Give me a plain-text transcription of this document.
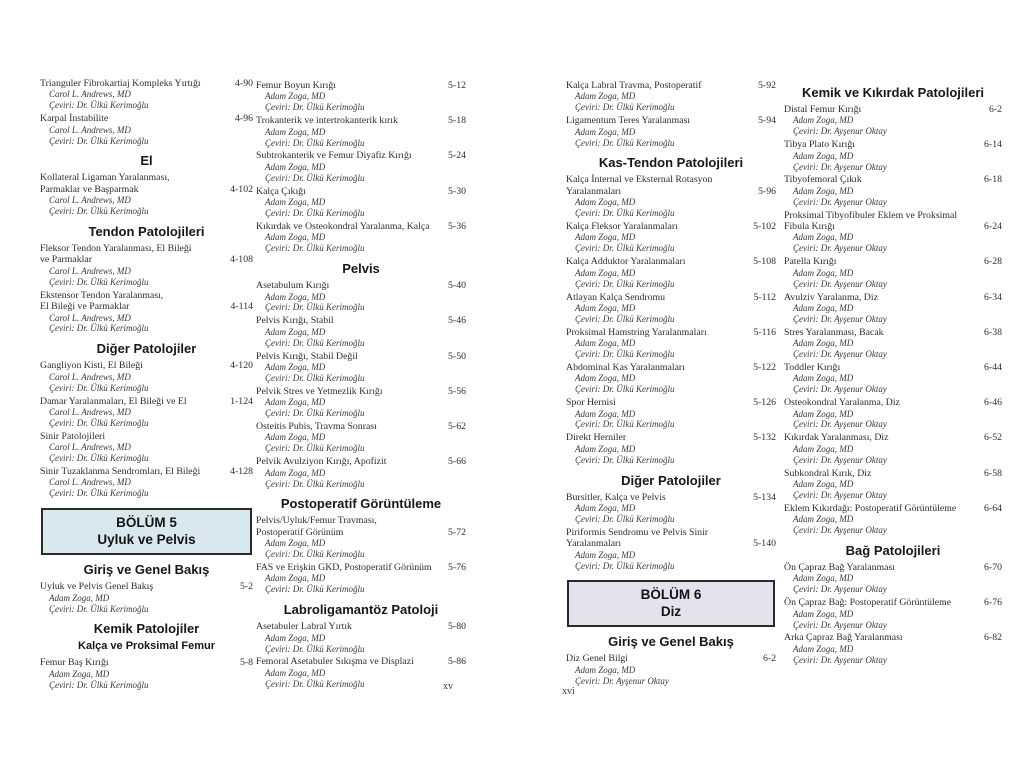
Trianguler Fibrokartiaj Kompleks Yırtığı	4-90
Carol L. Andrews, MD
Çeviri: Dr. Ülkü Kerimoğlu
Karpal İnstabilite	4-96
Carol L. Andrews, MD
Çeviri: Dr. Ülkü Kerimoğlu
El
Kollateral Ligaman Yaralanması,
Parmaklar ve Başparmak	4-102
Carol L. Andrews, MD
Çeviri: Dr. Ülkü Kerimoğlu
Tendon Patolojileri
Fleksor Tendon Yaralanması, El Bileği
ve Parmaklar	4-108
Carol L. Andrews, MD
Çeviri: Dr. Ülkü Kerimoğlu
Ekstensor Tendon Yaralanması,
El Bileği ve Parmaklar	4-114
Carol L. Andrews, MD
Çeviri: Dr. Ülkü Kerimoğlu
Diğer Patolojiler
Gangliyon Kisti, El Bileği	4-120
Carol L. Andrews, MD
Çeviri: Dr. Ülkü Kerimoğlu
Damar Yaralanmaları, El Bileği ve El	1-124
Carol L. Andrews, MD
Çeviri: Dr. Ülkü Kerimoğlu
Sinir Patolojileri
Carol L. Andrews, MD
Çeviri: Dr. Ülkü Kerimoğlu
Sinir Tuzaklanma Sendromları, El Bileği	4-128
Carol L. Andrews, MD
Çeviri: Dr. Ülkü Kerimoğlu
BÖLÜM 5
Uyluk ve Pelvis
Giriş ve Genel Bakış
Uyluk ve Pelvis Genel Bakış	5-2
Adam Zoga, MD
Çeviri: Dr. Ülkü Kerimoğlu
Kemik Patolojiler
Kalça ve Proksimal Femur
Femur Baş Kırığı	5-8
Adam Zoga, MD
Çeviri: Dr. Ülkü Kerimoğlu
Femur Boyun Kırığı	5-12
Adam Zoga, MD
Çeviri: Dr. Ülkü Kerimoğlu
Trokanterik ve intertrokanterik kırık	5-18
Adam Zoga, MD
Çeviri: Dr. Ülkü Kerimoğlu
Subtrokanterik ve Femur Diyafiz Kırığı	5-24
Adam Zoga, MD
Çeviri: Dr. Ülkü Kerimoğlu
Kalça Çıkığı	5-30
Adam Zoga, MD
Çeviri: Dr. Ülkü Kerimoğlu
Kıkırdak ve Osteokondral Yaralanma, Kalça	5-36
Adam Zoga, MD
Çeviri: Dr. Ülkü Kerimoğlu
Pelvis
Asetabulum Kırığı	5-40
Adam Zoga, MD
Çeviri: Dr. Ülkü Kerimoğlu
Pelvis Kırığı, Stabil	5-46
Adam Zoga, MD
Çeviri: Dr. Ülkü Kerimoğlu
Pelvis Kırığı, Stabil Değil	5-50
Adam Zoga, MD
Çeviri: Dr. Ülkü Kerimoğlu
Pelvik Stres ve Yetmezlik Kırığı	5-56
Adam Zoga, MD
Çeviri: Dr. Ülkü Kerimoğlu
Osteitis Pubis, Travma Sonrası	5-62
Adam Zoga, MD
Çeviri: Dr. Ülkü Kerimoğlu
Pelvik Avulziyon Kırığı, Apofizit	5-66
Adam Zoga, MD
Çeviri: Dr. Ülkü Kerimoğlu
Postoperatif Görüntüleme
Pelvis/Uyluk/Femur Travması,
Postoperatif Görünüm	5-72
Adam Zoga, MD
Çeviri: Dr. Ülkü Kerimoğlu
FAS ve Erişkin GKD, Postoperatif Görünüm	5-76
Adam Zoga, MD
Çeviri: Dr. Ülkü Kerimoğlu
Labroligamantöz Patoloji
Asetabuler Labral Yırtık	5-80
Adam Zoga, MD
Çeviri: Dr. Ülkü Kerimoğlu
Femoral Asetabuler Sıkışma ve Displazi	5-86
Adam Zoga, MD
Çeviri: Dr. Ülkü Kerimoğlu
Kalça Labral Travma, Postoperatif	5-92
Adam Zoga, MD
Çeviri: Dr. Ülkü Kerimoğlu
Ligamentum Teres Yaralanması	5-94
Adam Zoga, MD
Çeviri: Dr. Ülkü Kerimoğlu
Kas-Tendon Patolojileri
Kalça İnternal ve Eksternal Rotasyon
Yaralanmaları	5-96
Adam Zoga, MD
Çeviri: Dr. Ülkü Kerimoğlu
Kalça Fleksor Yaralanmaları	5-102
Adam Zoga, MD
Çeviri: Dr. Ülkü Kerimoğlu
Kalça Adduktor Yaralanmaları	5-108
Adam Zoga, MD
Çeviri: Dr. Ülkü Kerimoğlu
Atlayan Kalça Sendromu	5-112
Adam Zoga, MD
Çeviri: Dr. Ülkü Kerimoğlu
Proksimal Hamstring Yaralanmaları	5-116
Adam Zoga, MD
Çeviri: Dr. Ülkü Kerimoğlu
Abdominal Kas Yaralanmaları	5-122
Adam Zoga, MD
Çeviri: Dr. Ülkü Kerimoğlu
Spor Hernisi	5-126
Adam Zoga, MD
Çeviri: Dr. Ülkü Kerimoğlu
Direkt Herniler	5-132
Adam Zoga, MD
Çeviri: Dr. Ülkü Kerimoğlu
Diğer Patolojiler
Bursitler, Kalça ve Pelvis	5-134
Adam Zoga, MD
Çeviri: Dr. Ülkü Kerimoğlu
Piriformis Sendromu ve Pelvis Sinir
Yaralanmaları	5-140
Adam Zoga, MD
Çeviri: Dr. Ülkü Kerimoğlu
BÖLÜM 6
Diz
Giriş ve Genel Bakış
Diz Genel Bilgi	6-2
Adam Zoga, MD
Çeviri: Dr. Ayşenur Oktay
Kemik ve Kıkırdak Patolojileri
Distal Femur Kırığı	6-2
Adam Zoga, MD
Çeviri: Dr. Ayşenur Oktay
Tibya Plato Kırığı	6-14
Adam Zoga, MD
Çeviri: Dr. Ayşenur Oktay
Tibyofemoral Çıkık	6-18
Adam Zoga, MD
Çeviri: Dr. Ayşenur Oktay
Proksimal Tibyofibuler Eklem ve Proksimal
Fibula Kırığı	6-24
Adam Zoga, MD
Çeviri: Dr. Ayşenur Oktay
Patella Kırığı	6-28
Adam Zoga, MD
Çeviri: Dr. Ayşenur Oktay
Avulziv Yaralanma, Diz	6-34
Adam Zoga, MD
Çeviri: Dr. Ayşenur Oktay
Stres Yaralanması, Bacak	6-38
Adam Zoga, MD
Çeviri: Dr. Ayşenur Oktay
Toddler Kırığı	6-44
Adam Zoga, MD
Çeviri: Dr. Ayşenur Oktay
Osteokondral Yaralanma, Diz	6-46
Adam Zoga, MD
Çeviri: Dr. Ayşenur Oktay
Kıkırdak Yaralanması, Diz	6-52
Adam Zoga, MD
Çeviri: Dr. Ayşenur Oktay
Subkondral Kırık, Diz	6-58
Adam Zoga, MD
Çeviri: Dr. Ayşenur Oktay
Eklem Kıkırdağı: Postoperatif Görüntüleme	6-64
Adam Zoga, MD
Çeviri: Dr. Ayşenur Oktay
Bağ Patolojileri
Ön Çapraz Bağ Yaralanması	6-70
Adam Zoga, MD
Çeviri: Dr. Ayşenur Oktay
Ön Çapraz Bağ: Postoperatif Görüntüleme	6-76
Adam Zoga, MD
Çeviri: Dr. Ayşenur Oktay
Arka Çapraz Bağ Yaralanması	6-82
Adam Zoga, MD
Çeviri: Dr. Ayşenur Oktay
xv	xvi
